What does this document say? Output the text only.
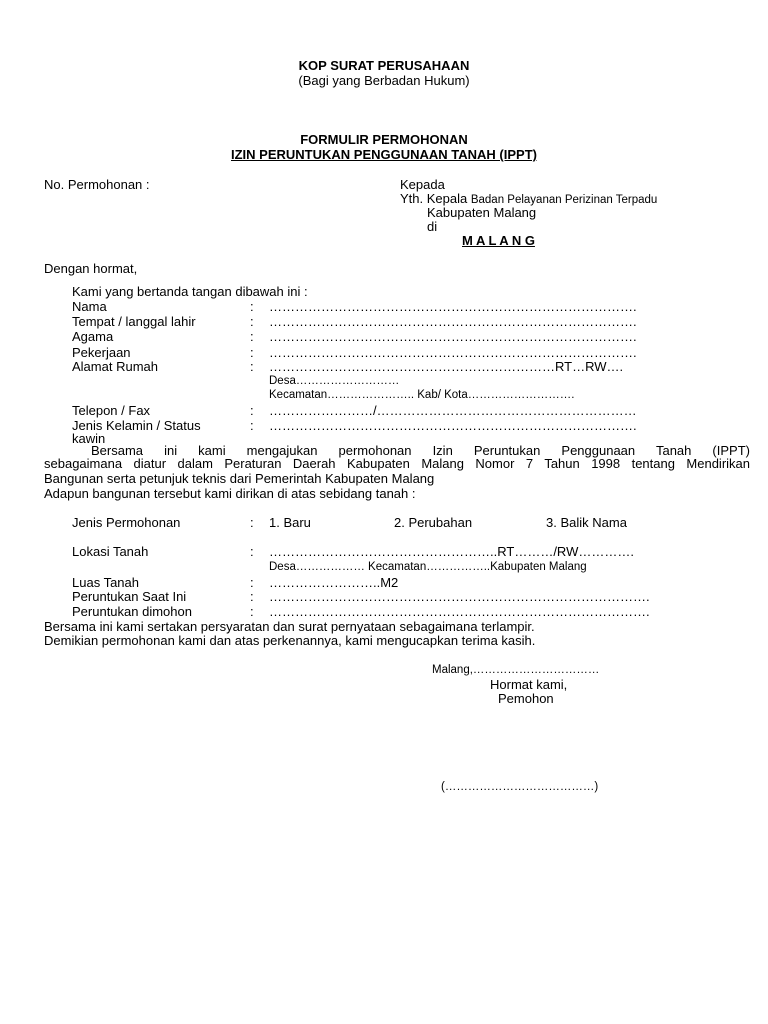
KOP SURAT PERUSAHAAN
(Bagi yang Berbadan Hukum)
FORMULIR PERMOHONAN
IZIN PERUNTUKAN PENGGUNAAN TANAH (IPPT)
No. Permohonan :	Kepada
Yth. Kepala Badan Pelayanan Perizinan Terpadu
Kabupaten Malang
di
M A L A N G
Dengan hormat,
Kami yang bertanda tangan dibawah ini :
Nama	: ………………………………………………………………………….
Tempat / langgal lahir	: ………………………………………………………………………….
Agama	: ………………………………………………………………………….
Pekerjaan	: ………………………………………………………………………….
Alamat Rumah	: …………………………………………………………RT…RW….
Desa………………………
Kecamatan………………….. Kab/ Kota……………………….
Telepon / Fax	: ……………………/……………………………………………………
Jenis Kelamin / Status	: ………………………………………………………………………….
kawin
Bersama ini kami mengajukan permohonan Izin Peruntukan Penggunaan Tanah (IPPT)
sebagaimana diatur dalam Peraturan Daerah Kabupaten Malang Nomor 7 Tahun 1998 tentang Mendirikan
Bangunan serta petunjuk teknis dari Pemerintah Kabupaten Malang
Adapun bangunan tersebut kami dirikan di atas sebidang tanah :
Jenis Permohonan	: 1. Baru	2. Perubahan	3. Balik Nama
Lokasi Tanah	: ……………………………………………..RT………/RW………….
Desa……………… Kecamatan……………..Kabupaten Malang
Luas Tanah	: ……………………..M2
Peruntukan Saat Ini	: …………………………………………………………………………….
Peruntukan dimohon	: …………………………………………………………………………….
Bersama ini kami sertakan persyaratan dan surat pernyataan sebagaimana terlampir.
Demikian permohonan kami dan atas perkenannya, kami mengucapkan terima kasih.
Malang,……………………………
Hormat kami,
Pemohon
(…………………………………)
